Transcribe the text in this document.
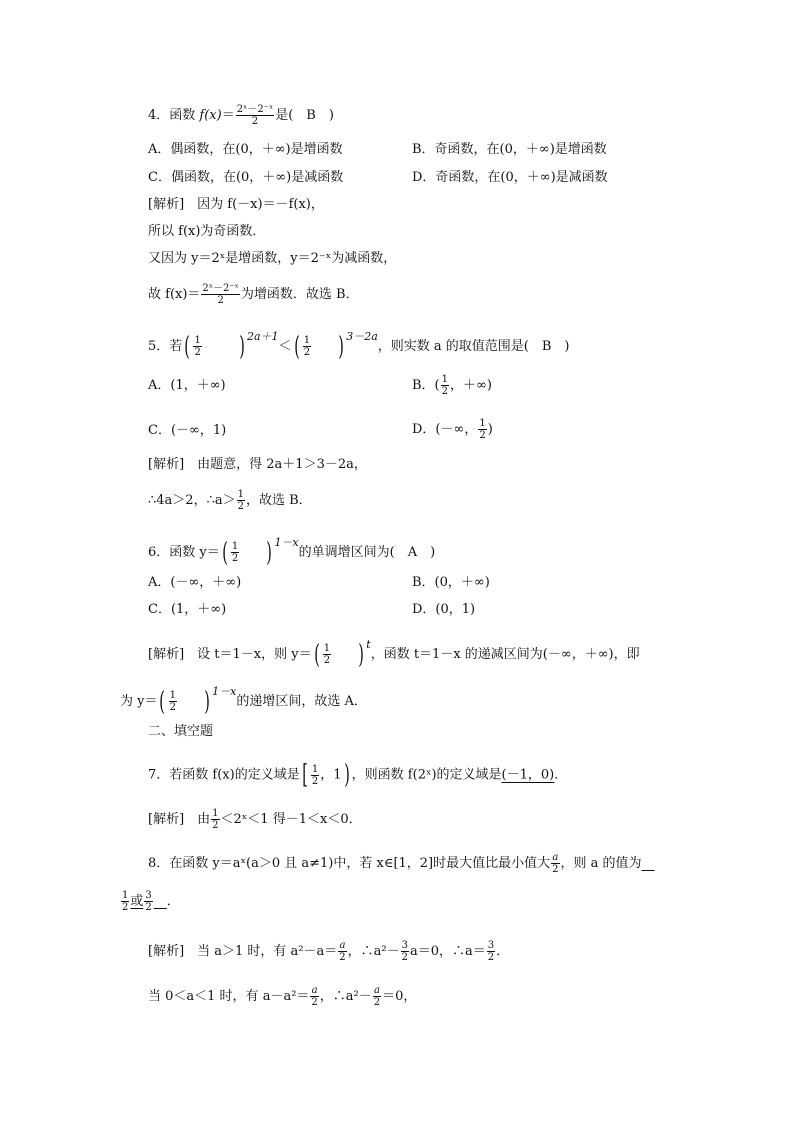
4．函数 $f(x)= \frac{\text{2ˣ－2⁻ˣ}}{2}$ 是(　B　)
A．偶函数，在(0，＋∞)是增函数	B．奇函数，在(0，＋∞)是增函数
C．偶函数，在(0，＋∞)是减函数	D．奇函数，在(0，＋∞)是减函数
[解析]　因为 f(－x)＝－f(x)，
所以 f(x)为奇函数．
又因为 y＝2ˣ是增函数，y＝2⁻ˣ为减函数，
故 $f(x)= \frac{\text{2ˣ－2⁻ˣ}}{2}$ 为增函数．故选 B．
5．若( $\frac{1}{2}$ ) $^{2a+1}<( \frac{1}{2}$ ) $^{3-2a}$，则实数 a 的取值范围是(　B　)
A．(1，＋∞)	B．( $\frac{1}{2}$ ，＋∞)
C．(－∞，1)	D．(－∞， $\frac{1}{2}$ )
[解析]　由题意，得 2a＋1＞3－2a，
∴4a＞2，∴a＞ $\frac{1}{2}$ ，故选 B．
6．函数 $y=( \frac{1}{2}$ ) $^{1-x}$的单调增区间为(　A　)
A．(－∞，＋∞)	B．(0，＋∞)
C．(1，＋∞)	D．(0，1)
[解析]　设 t＝1－x，则 $y=( \frac{1}{2}$ ) $^t$，函数 t＝1－x 的递减区间为(－∞，＋∞)，即
为 $y=( \frac{1}{2}$ ) $^{1-x}$的递增区间，故选 A．
二、填空题
7．若函数 f(x)的定义域是[ $\frac{1}{2}$ ，1) ，则函数 f(2ˣ)的定义域是(－1，0)．
[解析]　由 $\frac{1}{2}$ ＜2ˣ＜1 得－1＜x＜0．
8．在函数 y＝aˣ(a＞0 且 a≠1)中，若 x∈[1，2]时最大值比最小值大 $\frac{a}{2}$ ，则 a 的值为　
$\frac{1}{2}$ 或 $\frac{3}{2}$
　 ．
[解析]　当 a＞1 时，有 $a^2-a= \frac{a}{2}$ ，∴a²－ $\frac{3}{2} a=0$，∴a＝ $\frac{3}{2}$ ．
当 0＜a＜1 时，有 $a-a^2= \frac{a}{2}$ ，∴a²－ $\frac{a}{2} =0$，
